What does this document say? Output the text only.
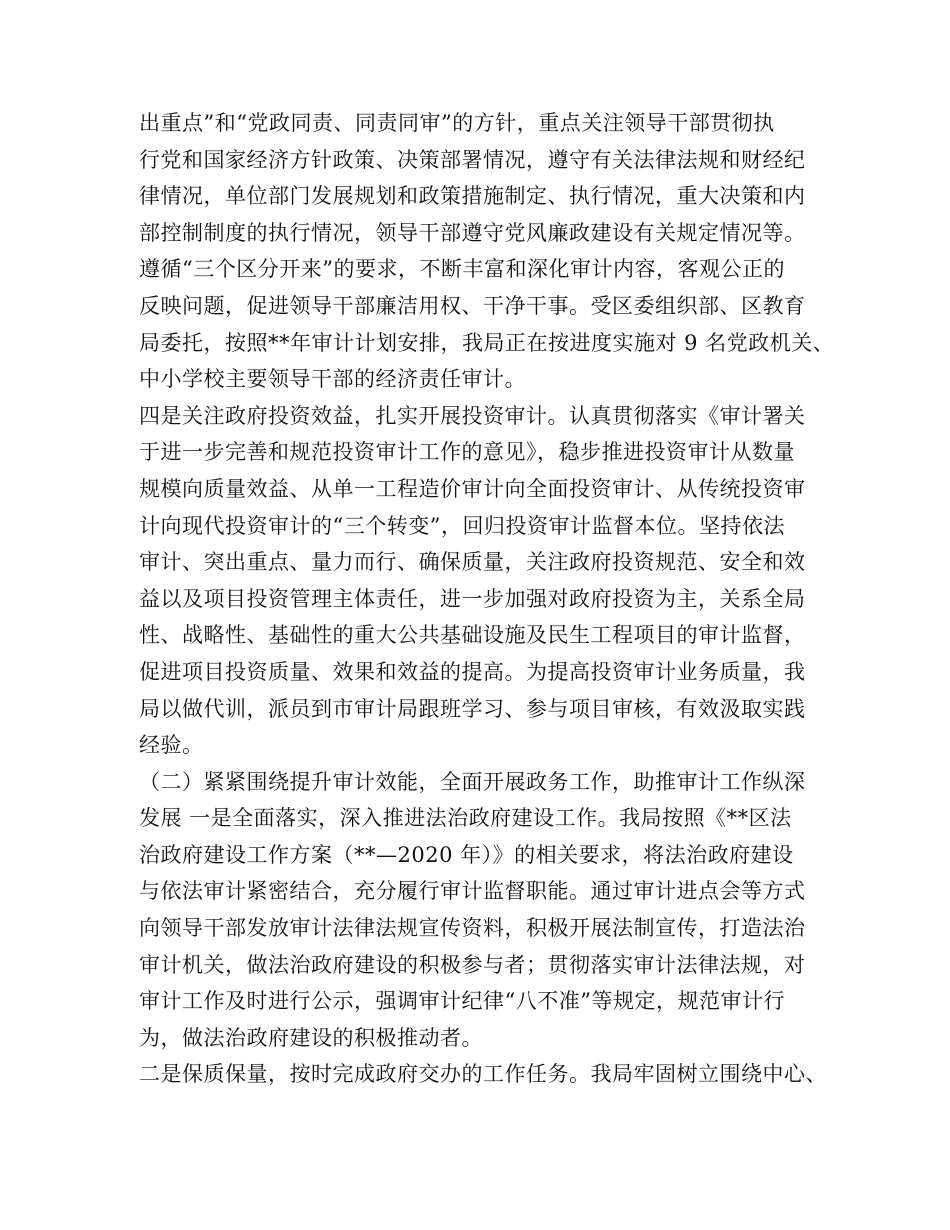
出重点”和“党政同责、同责同审”的方针，重点关注领导干部贯彻执
行党和国家经济方针政策、决策部署情况，遵守有关法律法规和财经纪
律情况，单位部门发展规划和政策措施制定、执行情况，重大决策和内
部控制制度的执行情况，领导干部遵守党风廉政建设有关规定情况等。
遵循“三个区分开来”的要求，不断丰富和深化审计内容，客观公正的
反映问题，促进领导干部廉洁用权、干净干事。受区委组织部、区教育
局委托，按照**年审计计划安排，我局正在按进度实施对 9 名党政机关、
中小学校主要领导干部的经济责任审计。
四是关注政府投资效益，扎实开展投资审计。认真贯彻落实《审计署关
于进一步完善和规范投资审计工作的意见》，稳步推进投资审计从数量
规模向质量效益、从单一工程造价审计向全面投资审计、从传统投资审
计向现代投资审计的“三个转变”，回归投资审计监督本位。坚持依法
审计、突出重点、量力而行、确保质量，关注政府投资规范、安全和效
益以及项目投资管理主体责任，进一步加强对政府投资为主，关系全局
性、战略性、基础性的重大公共基础设施及民生工程项目的审计监督，
促进项目投资质量、效果和效益的提高。为提高投资审计业务质量，我
局以做代训，派员到市审计局跟班学习、参与项目审核，有效汲取实践
经验。
（二）紧紧围绕提升审计效能，全面开展政务工作，助推审计工作纵深
发展 一是全面落实，深入推进法治政府建设工作。我局按照《**区法
治政府建设工作方案（**—2020 年）》的相关要求，将法治政府建设
与依法审计紧密结合，充分履行审计监督职能。通过审计进点会等方式
向领导干部发放审计法律法规宣传资料，积极开展法制宣传，打造法治
审计机关，做法治政府建设的积极参与者；贯彻落实审计法律法规，对
审计工作及时进行公示，强调审计纪律“八不准”等规定，规范审计行
为，做法治政府建设的积极推动者。
二是保质保量，按时完成政府交办的工作任务。我局牢固树立围绕中心、
